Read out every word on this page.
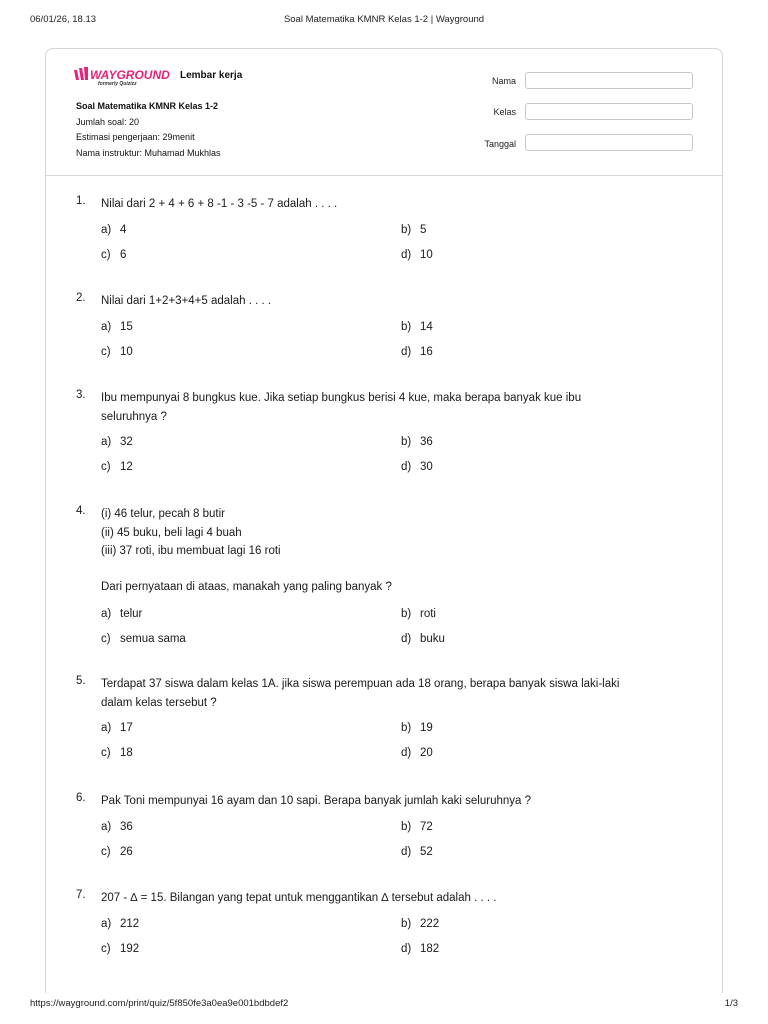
06/01/26, 18.13	Soal Matematika KMNR Kelas 1-2 | Wayground
WAYGROUND
formerly Quizizz
Lembar kerja
Soal Matematika KMNR Kelas 1-2
Jumlah soal: 20
Estimasi pengerjaan: 29menit
Nama instruktur: Muhamad Mukhlas
Nama
Kelas
Tanggal
1. Nilai dari 2 + 4 + 6 + 8 -1 - 3 -5 - 7 adalah . . . .
a) 4	b) 5
c) 6	d) 10
2. Nilai dari 1+2+3+4+5 adalah . . . .
a) 15	b) 14
c) 10	d) 16
3. Ibu mempunyai 8 bungkus kue. Jika setiap bungkus berisi 4 kue, maka berapa banyak kue ibu
seluruhnya ?
a) 32	b) 36
c) 12	d) 30
4. (i) 46 telur, pecah 8 butir
(ii) 45 buku, beli lagi 4 buah
(iii) 37 roti, ibu membuat lagi 16 roti
Dari pernyataan di ataas, manakah yang paling banyak ?
a) telur	b) roti
c) semua sama	d) buku
5. Terdapat 37 siswa dalam kelas 1A. jika siswa perempuan ada 18 orang, berapa banyak siswa laki-laki
dalam kelas tersebut ?
a) 17	b) 19
c) 18	d) 20
6. Pak Toni mempunyai 16 ayam dan 10 sapi. Berapa banyak jumlah kaki seluruhnya ?
a) 36	b) 72
c) 26	d) 52
7. 207 - ∆ = 15. Bilangan yang tepat untuk menggantikan ∆ tersebut adalah . . . .
a) 212	b) 222
c) 192	d) 182
https://wayground.com/print/quiz/5f850fe3a0ea9e001bdbdef2	1/3
